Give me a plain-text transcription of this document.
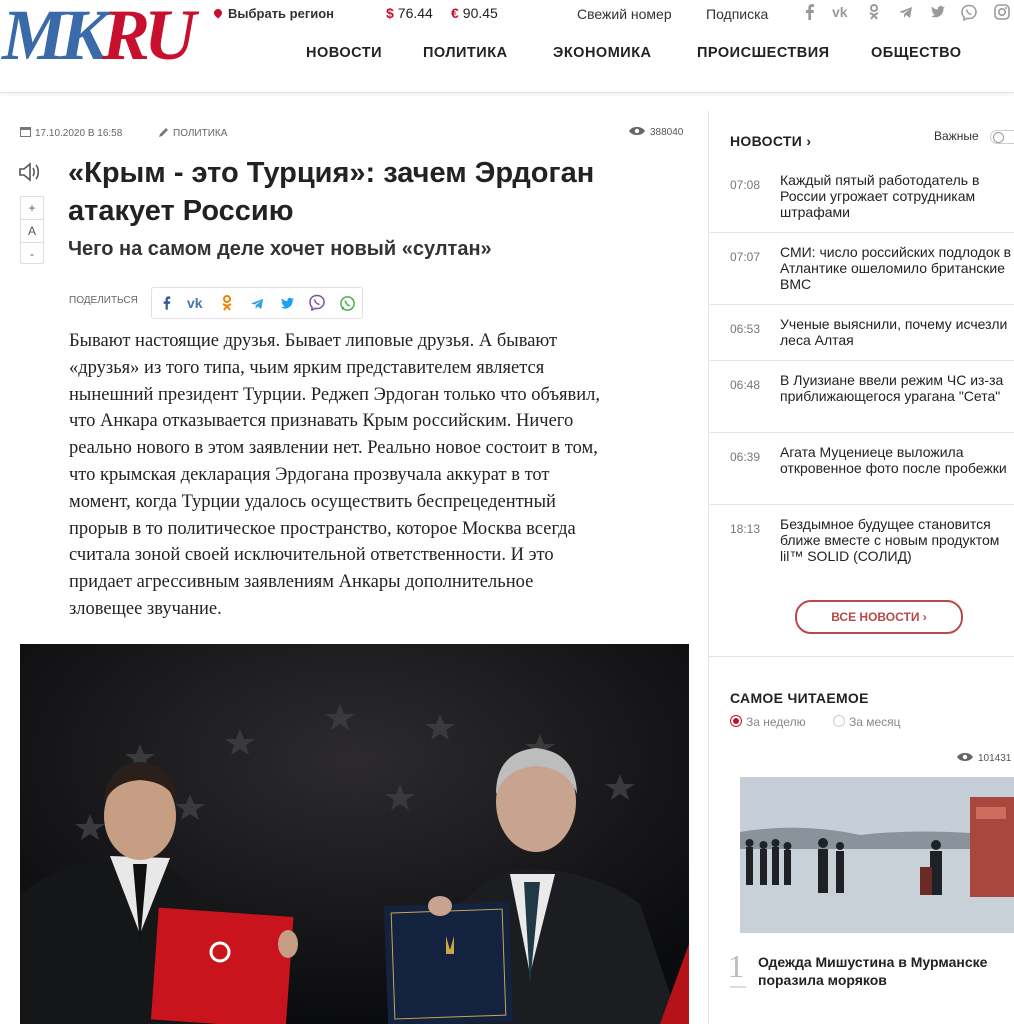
MKRU	Выбрать регион	$ 76.44 € 90.45	Свежий номер Подписка	vk
НОВОСТИ	ПОЛИТИКА	ЭКОНОМИКА	ПРОИСШЕСТВИЯ	ОБЩЕСТВО
17.10.2020 В 16:58	ПОЛИТИКА	388040
+
A
-
«Крым - это Турция»: зачем Эрдоган атакует Россию
Чего на самом деле хочет новый «султан»
ПОДЕЛИТЬСЯ	vk
Бывают настоящие друзья. Бывает липовые друзья. А бывают
«друзья» из того типа, чьим ярким представителем является
нынешний президент Турции. Реджеп Эрдоган только что объявил,
что Анкара отказывается признавать Крым российским. Ничего
реально нового в этом заявлении нет. Реально новое состоит в том,
что крымская декларация Эрдогана прозвучала аккурат в тот
момент, когда Турции удалось осуществить беспрецедентный
прорыв в то политическое пространство, которое Москва всегда
считала зоной своей исключительной ответственности. И это
придает агрессивным заявлениям Анкары дополнительное
зловещее звучание.
НОВОСТИ ›	Важные
07:08 Каждый пятый работодатель в России угрожает сотрудникам штрафами
07:07 СМИ: число российских подлодок в Атлантике ошеломило британские ВМС
06:53 Ученые выяснили, почему исчезли леса Алтая
06:48 В Луизиане ввели режим ЧС из-за приближающегося урагана "Сета"
06:39 Агата Муцениеце выложила откровенное фото после пробежки
18:13 Бездымное будущее становится ближе вместе с новым продуктом lil™ SOLID (СОЛИД)
ВСЕ НОВОСТИ ›
САМОЕ ЧИТАЕМОЕ
За неделю	За месяц
101431
1 Одежда Мишустина в Мурманске поразила моряков
